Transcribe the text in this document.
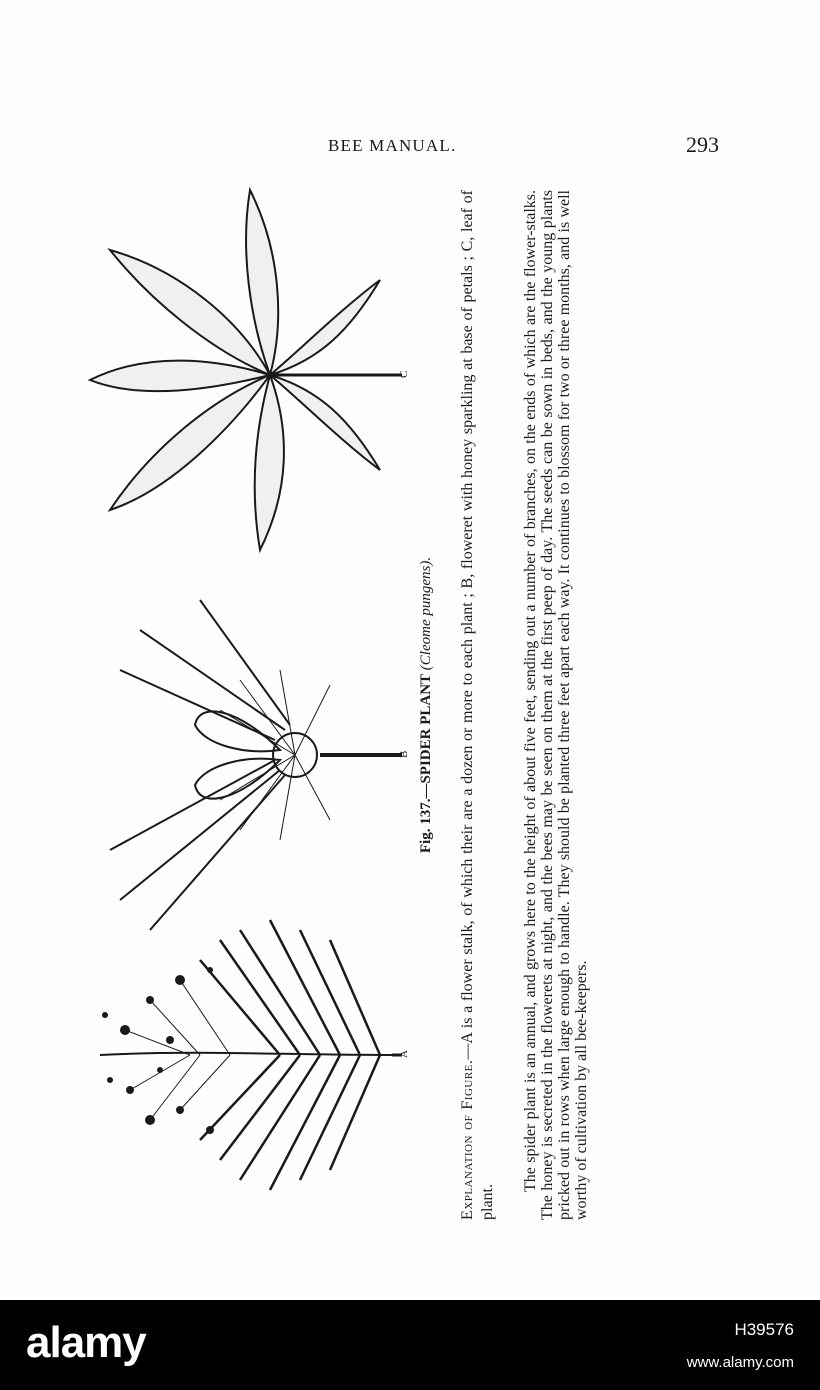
BEE MANUAL.	293
A
B
C
Fig. 137.—SPIDER PLANT (Cleome pungens).
Explanation of Figure.—A is a flower stalk, of which their are a dozen or more to each plant ; B, floweret with honey sparkling at base of petals ; C, leaf of plant.
The spider plant is an annual, and grows here to the height of about five feet, sending out a number of branches, on the ends of which are the flower-stalks. The honey is secreted in the flowerets at night, and the bees may be seen on them at the first peep of day. The seeds can be sown in beds, and the young plants pricked out in rows when large enough to handle. They should be planted three feet apart each way. It continues to blossom for two or three months, and is well worthy of cultivation by all bee-keepers.
alamy	H39576
www.alamy.com
